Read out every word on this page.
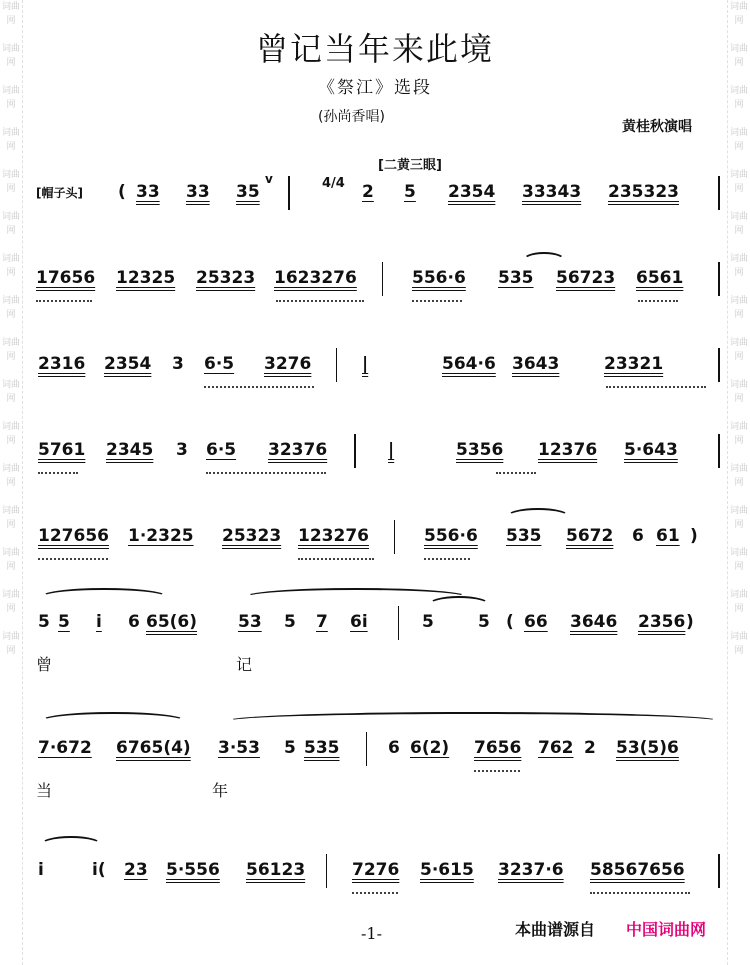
词曲网

词曲网

词曲网

词曲网

词曲网

词曲网

词曲网

词曲网

词曲网

词曲网

词曲网

词曲网

词曲网

词曲网

词曲网

词曲网
词曲网

词曲网

词曲网

词曲网

词曲网

词曲网

词曲网

词曲网

词曲网

词曲网

词曲网

词曲网

词曲网

词曲网

词曲网

词曲网
曾记当年来此境
《祭江》选段
(孙尚香唱)
黄桂秋演唱
[二黄三眼]
[帽子头] ( 33 33 35
v	4/4 2 5 2354 33343 235323
17656 12325 25323 1623276	556·6 535 56723 6561
2316 2354 3 6·5 3276	|	564·6 3643	23321
5761 2345 3 6·5 32376	|	5356 12376 5·643
127656 1·2325 25323 123276	556·6 535 5672 6 61 )
5 5 i 6 65(6) 53 5 7 6i	5	5 ( 66 3646 2356 )
曾	记
7·672 6765(4) 3·53 5 535	6 6(2) 7656 762 2 53(5)6
当	年
i	i( 23 5·556 56123	7276 5·615 3237·6 58567656
-1-	本曲谱源自 中国词曲网
